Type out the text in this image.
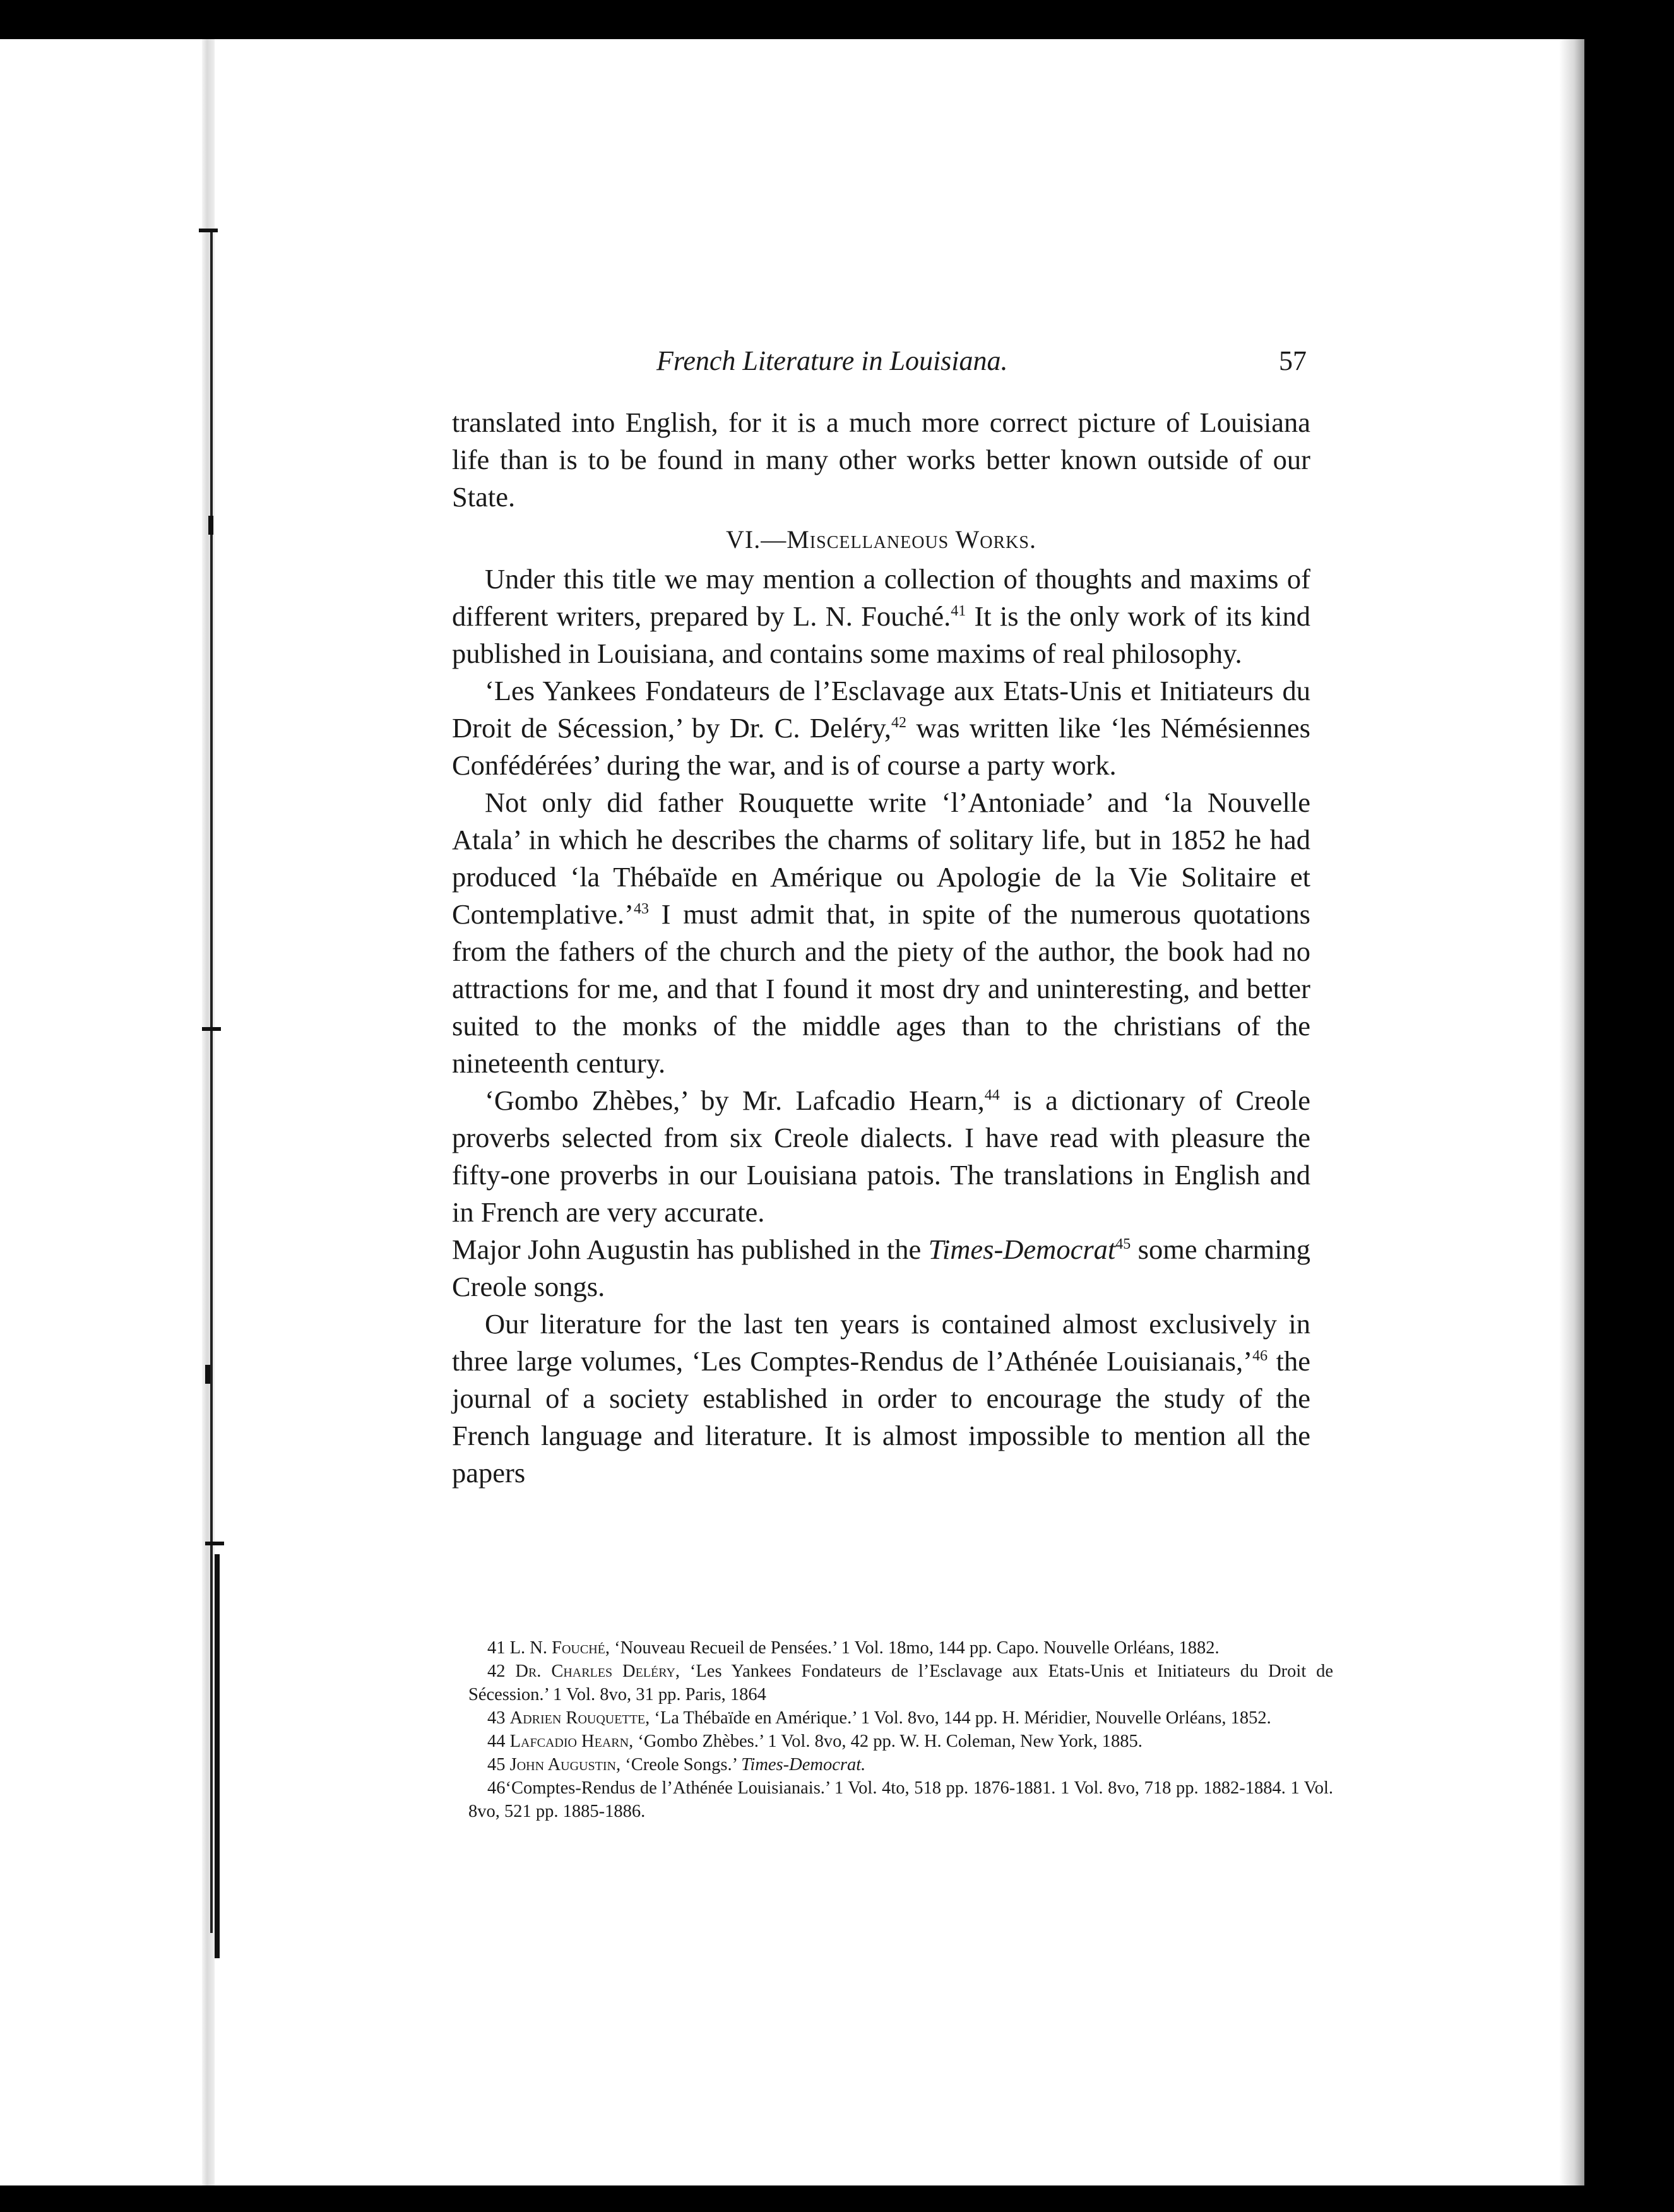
French Literature in Louisiana.	57

translated into English, for it is a much more correct picture of Louisiana life than is to be found in many other works better known outside of our State.

VI.—Miscellaneous Works.

Under this title we may mention a collection of thoughts and maxims of different writers, prepared by L. N. Fouché.$^{41}$ It is the only work of its kind published in Louisiana, and contains some maxims of real philosophy.

‘Les Yankees Fondateurs de l’Esclavage aux Etats-Unis et Initiateurs du Droit de Sécession,’ by Dr. C. Deléry,$^{42}$ was written like ‘les Némésiennes Confédérées’ during the war, and is of course a party work.

Not only did father Rouquette write ‘l’Antoniade’ and ‘la Nouvelle Atala’ in which he describes the charms of solitary life, but in 1852 he had produced ‘la Thébaïde en Amérique ou Apologie de la Vie Solitaire et Contemplative.’$^{43}$ I must admit that, in spite of the numerous quotations from the fathers of the church and the piety of the author, the book had no attractions for me, and that I found it most dry and uninteresting, and better suited to the monks of the middle ages than to the christians of the nineteenth century.

‘Gombo Zhèbes,’ by Mr. Lafcadio Hearn,$^{44}$ is a dictionary of Creole proverbs selected from six Creole dialects. I have read with pleasure the fifty-one proverbs in our Louisiana patois. The translations in English and in French are very accurate.

Major John Augustin has published in the Times-Democrat$^{45}$ some charming Creole songs.

Our literature for the last ten years is contained almost exclusively in three large volumes, ‘Les Comptes-Rendus de l’Athénée Louisianais,’$^{46}$ the journal of a society established in order to encourage the study of the French language and literature. It is almost impossible to mention all the papers

41 L. N. Fouché, ‘Nouveau Recueil de Pensées.’ 1 Vol. 18mo, 144 pp. Capo. Nouvelle Orléans, 1882.

42 Dr. Charles Deléry, ‘Les Yankees Fondateurs de l’Esclavage aux Etats-Unis et Initiateurs du Droit de Sécession.’ 1 Vol. 8vo, 31 pp. Paris, 1864

43 Adrien Rouquette, ‘La Thébaïde en Amérique.’ 1 Vol. 8vo, 144 pp. H. Méridier, Nouvelle Orléans, 1852.

44 Lafcadio Hearn, ‘Gombo Zhèbes.’ 1 Vol. 8vo, 42 pp. W. H. Coleman, New York, 1885.

45 John Augustin, ‘Creole Songs.’ Times-Democrat.

46‘Comptes-Rendus de l’Athénée Louisianais.’ 1 Vol. 4to, 518 pp. 1876-1881. 1 Vol. 8vo, 718 pp. 1882-1884. 1 Vol. 8vo, 521 pp. 1885-1886.
